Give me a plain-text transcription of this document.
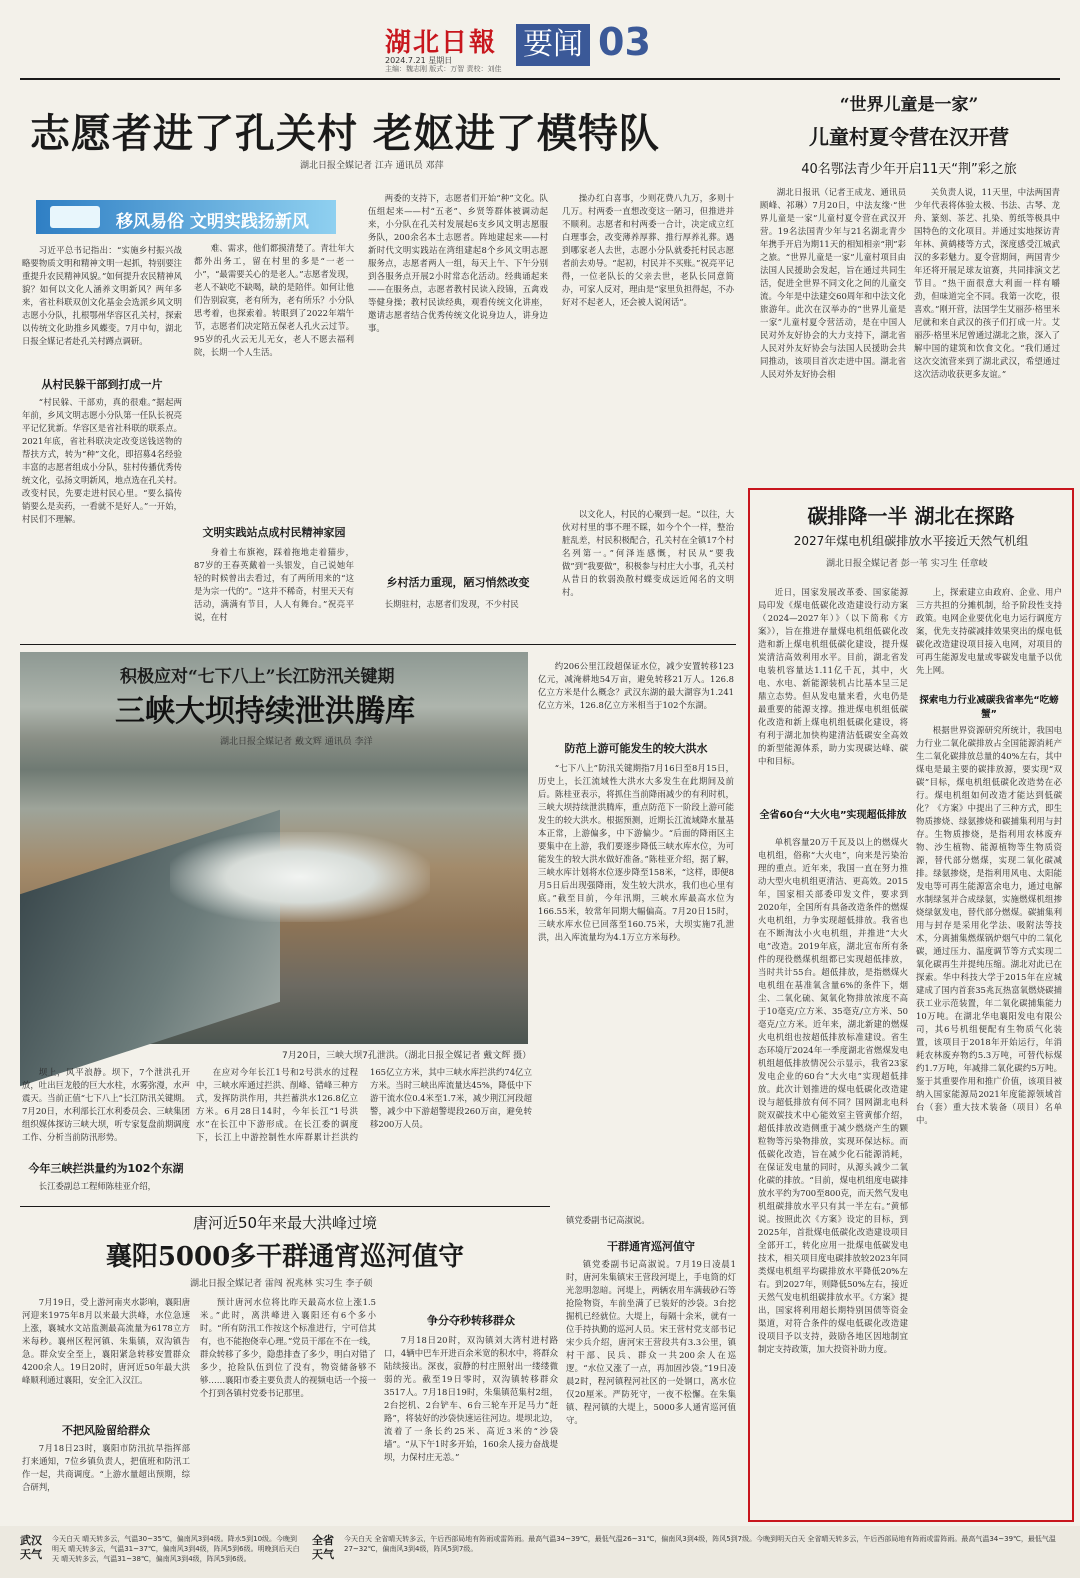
湖北日報
2024.7.21 星期日
主编：魏志刚 版式：万智 责校：刘佳
要闻 03
志愿者进了孔关村 老妪进了模特队
湖北日报全媒记者 江卉 通讯员 邓萍
移风易俗 文明实践扬新风

习近平总书记指出：“实施乡村振兴战略要物质文明和精神文明一起抓，特别要注重提升农民精神风貌。”如何提升农民精神风貌？如何以文化人涵养文明新风？两年多来，省社科联双创文化基金会选派乡风文明志愿小分队，扎根鄂州华容区孔关村，探索以传统文化助推乡风蝶变。7月中旬，湖北日报全媒记者赴孔关村蹲点调研。

从村民躲干部到打成一片

“村民躲、干部劝，真的很难。”据起两年前，乡风文明志愿小分队第一任队长祝亮平记忆犹新。华容区是省社科联的联系点。2021年底，省社科联决定改变送钱送物的帮扶方式，转为“种”文化，即招募4名经验丰富的志愿者组成小分队，驻村传播优秀传统文化，弘扬文明新风，地点选在孔关村。改变村民，先要走进村民心里。“要么搞传销要么是卖药，一看就不是好人。”一开始，村民们不理解。

难、需求，他们都摸清楚了。青壮年大都外出务工，留在村里的多是“一老一小”，“最需要关心的是老人。”志愿者发现，老人不缺吃不缺喝，缺的是陪伴。如何让他们告别寂寞，老有所为，老有所乐？小分队思考着，也探索着。转眼到了2022年端午节，志愿者们决定陪五保老人孔火云过节。95岁的孔火云无儿无女，老人不愿去福利院，长期一个人生活。

文明实践站点成村民精神家园

身着土布旗袍，踩着拖地走着猫步，87岁的王春英戴着一头银发，自己说她年轻的时候曾出去看过，有了两所用来的“这是为宗一代的”。“这并不稀奇，村里天天有活动，满满有节目，人人有舞台。”祝亮平说，在村

两委的支持下，志愿者们开始“种”文化。队伍组起来——村“五老”、乡贤等群体被调动起来，小分队在孔关村发展起6支乡风文明志愿服务队，200余名本土志愿者。阵地建起来——村新时代文明实践站在湾组建起8个乡风文明志愿服务点，志愿者两人一组，每天上午、下午分别到各服务点开展2小时常态化活动。经典诵起来——在服务点，志愿者教村民读入段锦，五禽戏等健身操；教村民读经典，观看传统文化讲座，邀请志愿者结合优秀传统文化说身边人，讲身边事。

乡村活力重现，陋习悄然改变

长期驻村，志愿者们发现，不少村民

操办红白喜事，少则花费八九万，多则十几万。村两委一直想改变这一陋习，但推进并不顺利。志愿者和村两委一合计，决定成立红白理事会，改变薄养厚葬、推行厚养礼葬。遇到哪家老人去世，志愿小分队就委托村民志愿者前去劝导。“起初，村民并不买账。”祝亮平记得，一位老队长的父亲去世，老队长同意简办，可家人反对，理由是“家里负担得起，不办好对不起老人，还会被人说闲话”。

以文化人，村民的心聚到一起。“以往，大伙对村里的事不理不睬，如今个个一样，整治脏乱差，村民积极配合，孔关村在全镇17个村名列第一。”何泽连感慨，村民从“要我做”到“我要做”，积极参与村庄大小事，孔关村从昔日的软弱涣散村蝶变成远近闻名的文明村。

“世界儿童是一家”
儿童村夏令营在汉开营
40名鄂法青少年开启11天“荆”彩之旅

湖北日报讯（记者王成龙、通讯员顾峰、祁琳）7月20日，中法友缘·“世界儿童是一家”儿童村夏令营在武汉开营。19名法国青少年与21名湖北青少年携手开启为期11天的相知相亲“荆”彩之旅。“世界儿童是一家”儿童村项目由法国人民援助会发起，旨在通过共同生活，促进全世界不同文化之间的儿童交流。今年是中法建交60周年和中法文化旅游年。此次在汉举办的“世界儿童是一家”儿童村夏令营活动，是在中国人民对外友好协会的大力支持下，湖北省人民对外友好协会与法国人民援助会共同推动，该项目首次走进中国。湖北省人民对外友好协会相

关负责人说，11天里，中法两国青少年代表将体验太极、书法、古琴、龙舟、篆刻、茶艺、扎染、剪纸等极具中国特色的文化项目。并通过实地探访青年林、黄鹤楼等方式，深度感受江城武汉的多彩魅力。夏令营期间，两国青少年还将开展足球友谊赛，共同排演文艺节目。“热干面很意大利面一样有嚼劲，但味道完全不同。我第一次吃，很喜欢。”刚开营，法国学生艾丽莎·格里米尼就和来自武汉的孩子们打成一片。艾丽莎·格里米尼曾通过湖北之旅，深入了解中国的建筑和饮食文化。“我们通过这次交流营来到了湖北武汉，希望通过这次活动收获更多友谊。”

碳排降一半 湖北在探路
2027年煤电机组碳排放水平接近天然气机组
湖北日报全媒记者 彭一苇 实习生 任章岐

近日，国家发展改革委、国家能源局印发《煤电低碳化改造建设行动方案（2024—2027年）》（以下简称《方案》），旨在推进存量煤电机组低碳化改造和新上煤电机组低碳化建设，提升煤炭清洁高效利用水平。目前，湖北省发电装机容量达1.11亿千瓦，其中，火电、水电、新能源装机占比基本呈三足鼎立态势。但从发电量来看，火电仍是最重要的能源支撑。推进煤电机组低碳化改造和新上煤电机组低碳化建设，将有利于湖北加快构建清洁低碳安全高效的新型能源体系，助力实现碳达峰、碳中和目标。

全省60台“大火电”实现超低排放

单机容量20万千瓦及以上的燃煤火电机组，俗称“大火电”，向来是污染治理的重点。近年来，我国一直在努力推动大型火电机组更清洁、更高效。2015年，国家相关部委印发文件，要求到2020年，全国所有具备改造条件的燃煤火电机组，力争实现超低排放。我省也在不断淘汰小火电机组，并推进“大火电”改造。2019年底，湖北宣布所有条件的现役燃煤机组都已实现超低排放，当时共计55台。超低排放，是指燃煤火电机组在基准氧含量6%的条件下，烟尘、二氧化硫、氮氧化物排放浓度不高于10毫克/立方米、35毫克/立方米、50毫克/立方米。近年来，湖北新建的燃煤火电机组也按超低排放标准建设。省生态环境厅2024年一季度湖北省燃煤发电机组超低排放情况公示显示，我省23家发电企业的60台“大火电”实现超低排放。此次计划推进的煤电低碳化改造建设与超低排放有何不同？国网湖北电科院双碳技术中心能效室主管黄郁介绍，超低排放改造侧重于减少燃烧产生的颗粒物等污染物排放，实现环保达标。而低碳化改造，旨在减少化石能源消耗，在保证发电量的同时，从源头减少二氧化碳的排放。“目前，煤电机组度电碳排放水平约为700至800克，而天然气发电机组碳排放水平只有其一半左右。”黄郁说。按照此次《方案》设定的目标，到2025年，首批煤电低碳化改造建设项目全部开工，转化应用一批煤电低碳发电技术，相关项目度电碳排放较2023年同类煤电机组平均碳排放水平降低20%左右。到2027年，则降低50%左右，接近天然气发电机组碳排放水平。《方案》提出，国家将利用超长期特别国债等资金渠道，对符合条件的煤电低碳化改造建设项目予以支持，鼓励各地区因地制宜制定支持政策，加大投资补助力度。

上，探索建立由政府、企业、用户三方共担的分摊机制，给予阶段性支持政策。电网企业要优化电力运行调度方案，优先支持碳减排效果突出的煤电低碳化改造建设项目接入电网，对项目的可再生能源发电量或零碳发电量予以优先上网。

探索电力行业减碳我省率先“吃螃蟹”

根据世界资源研究所统计，我国电力行业二氧化碳排放占全国能源消耗产生二氧化碳排放总量的40%左右，其中煤电是最主要的碳排放源，要实现“双碳”目标，煤电机组低碳化改造势在必行。煤电机组如何改造才能达到低碳化？《方案》中提出了三种方式，即生物质掺烧、绿氨掺烧和碳捕集利用与封存。生物质掺烧，是指利用农林废弃物、沙生植物、能源植物等生物质资源，替代部分燃煤，实现二氧化碳减排。绿氨掺烧，是指利用风电、太阳能发电等可再生能源富余电力，通过电解水制绿氢并合成绿氨，实施燃煤机组掺烧绿氨发电，替代部分燃煤。碳捕集利用与封存是采用化学法、吸附法等技术，分离捕集燃煤锅炉烟气中的二氧化碳，通过压力、温度调节等方式实现二氧化碳再生并提纯压缩。湖北对此已在探索。华中科技大学于2015年在应城建成了国内首套35兆瓦热富氧燃烧碳捕获工业示范装置，年二氧化碳捕集能力10万吨。在湖北华电襄阳发电有限公司，其6号机组便配有生物质气化装置，该项目于2018年开始运行，年消耗农林废弃物约5.3万吨，可替代标煤约1.7万吨，年减排二氧化碳约5万吨。鉴于其重要作用和推广价值，该项目被纳入国家能源局2021年度能源领域首台（套）重大技术装备（项目）名单中。

积极应对“七下八上”长江防汛关键期
三峡大坝持续泄洪腾库
湖北日报全媒记者 戴文辉 通讯员 李洋
7月20日，三峡大坝7孔泄洪。（湖北日报全媒记者 戴文辉 摄）

约206公里江段超保证水位，减少安置转移123亿元，减淹耕地54万亩，避免转移21万人。126.8亿立方米是什么概念？武汉东湖的最大湖容为1.241亿立方米，126.8亿立方米相当于102个东湖。

防范上游可能发生的较大洪水

“七下八上”防汛关键期指7月16日至8月15日，历史上，长江流域性大洪水大多发生在此期间及前后。陈桂亚表示，将抓住当前降雨减少的有利时机，三峡大坝持续泄洪腾库，重点防范下一阶段上游可能发生的较大洪水。根据预测，近期长江流域降水量基本正常，上游偏多，中下游偏少。“后面的降雨区主要集中在上游，我们要逐步降低三峡水库水位，为可能发生的较大洪水做好准备。”陈桂亚介绍，据了解，三峡水库计划将水位逐步降至158米，“这样，即便8月5日后出现强降雨，发生较大洪水，我们也心里有底。”截至目前，今年汛期，三峡水库最高水位为166.55米，较常年同期大幅偏高。7月20日15时，三峡水库水位已回落至160.75米，大坝实施7孔泄洪，出入库流量均为4.1万立方米每秒。

坝上，风平浪静。坝下，7个泄洪孔开放，吐出巨龙般的巨大水柱，水雾弥漫，水声震天。当前正值“七下八上”长江防汛关键期。7月20日，水利部长江水利委员会、三峡集团组织媒体探访三峡大坝，听专家复盘前期调度工作、分析当前防汛形势。

今年三峡拦洪量约为102个东湖

长江委副总工程师陈桂亚介绍，

在应对今年长江1号和2号洪水的过程中，三峡水库通过拦洪、削峰、错峰三种方式，发挥防洪作用，共拦蓄洪水126.8亿立方米。6月28日14时，今年长江“1号洪水”在长江中下游形成。在长江委的调度下，长江上中游控制性水库群累计拦洪约165亿立方米，其中三峡水库拦洪约74亿立方米。当时三峡出库流量达45%，降低中下游干流水位0.4米至1.7米，减少荆江河段超警，减少中下游超警堤段260万亩，避免转移200万人员。

唐河近50年来最大洪峰过境
襄阳5000多干群通宵巡河值守
湖北日报全媒记者 雷闯 祝兆林 实习生 李子硕

7月19日，受上游河南夹水影响，襄阳唐河迎来1975年8月以来最大洪峰，水位急速上涨，襄城水文站监测最高流量为6178立方米每秒。襄州区程河镇、朱集镇，双沟镇告急。群众安全至上，襄阳紧急转移安置群众4200余人。19日20时，唐河近50年最大洪峰顺利通过襄阳，安全汇入汉江。

不把风险留给群众

7月18日23时，襄阳市防汛抗旱指挥部打来通知，7位乡镇负责人，把值班和防汛工作一起，共商调度。“上游水量超出预期，综合研判，

预计唐河水位将比昨天最高水位上涨1.5米。”此时，离洪峰进入襄阳还有6个多小时。“所有防汛工作按这个标准进行，宁可信其有，也不能抱侥幸心理。”党员干部在不在一线，群众转移了多少，隐患排查了多少，明白对错了多少，抢险队伍到位了没有，物资储备够不够……襄阳市委主要负责人的视频电话一个接一个打到各镇村党委书记那里。

争分夺秒转移群众

7月18日20时，双沟镇刘大湾村进村路口，4辆中巴车开进百余米宽的积水中，将群众陆续接出。深夜，寂静的村庄照射出一缕缕微弱的光。截至19日零时，双沟镇转移群众3517人。7月18日19时，朱集镇范集村2组，2台挖机、2台铲车、6台三轮车开足马力“赶路”，将装好的沙袋快速运往河边。堤坝北边，流着了一条长约25米、高近3米的“沙袋墙”。“从下午1时多开始，160余人接力奋战堤坝，力保村庄无恙。”

干群通宵巡河值守

镇党委副书记高淑说。

镇党委副书记高淑说。7月19日凌晨1时，唐河朱集镇宋王营段河堤上，手电筒的灯光忽明忽暗。河堤上，两辆农用车满载砂石等抢险物资，车前坐满了已装好的沙袋。3台挖掘机已经就位。大堤上，每隔十余米，就有一位手持执勤的巡河人员。宋王营村党支部书记宋少兵介绍，唐河宋王营段共有3.3公里，镇村干部、民兵、群众一共200余人在巡逻。“水位又涨了一点，再加固沙袋。”19日凌晨2时，程河镇程河社区的一处钢口，离水位仅20厘米。严防死守，一夜不松懈。在朱集镇、程河镇的大堤上，5000多人通宵巡河值守。

武汉天气
今天白天 晴天转多云，气温30~35℃，偏南风3到4级。降水5到10级。今晚到明天 晴天转多云，气温31~37℃，偏南风3到4级，阵风5到6级。明晚到后天白天 晴天转多云，气温31~38℃，偏南风3到4级，阵风5到6级。
全省天气
今天白天 全省晴天转多云，午后西部局地有阵雨或雷阵雨。最高气温34~39℃，最低气温26~31℃，偏南风3到4级，阵风5到7级。今晚到明天白天 全省晴天转多云，午后西部局地有阵雨或雷阵雨。最高气温34~39℃，最低气温27~32℃，偏南风3到4级，阵风5到7级。
